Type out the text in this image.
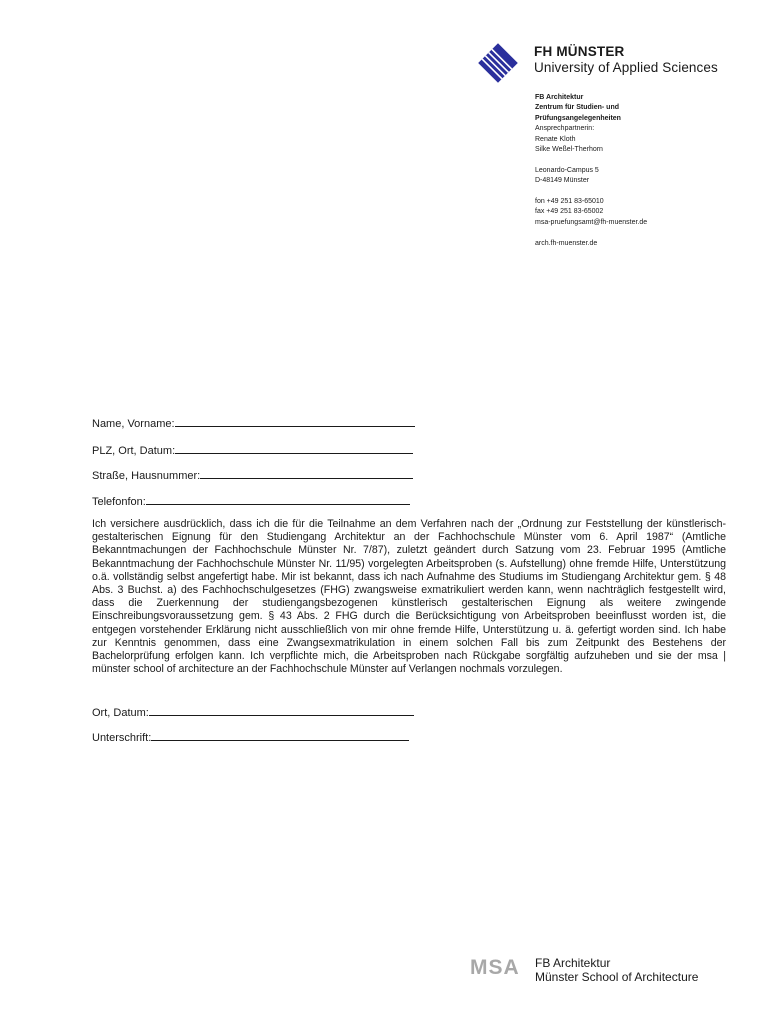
FH MÜNSTER
University of Applied Sciences
FB Architektur
Zentrum für Studien- und
Prüfungsangelegenheiten
Ansprechpartnerin:
Renate Kloth
Silke Weßel-Therhorn
Leonardo-Campus 5
D-48149 Münster
fon +49 251 83-65010
fax +49 251 83-65002
msa-pruefungsamt@fh-muenster.de
arch.fh-muenster.de
Name, Vorname:
PLZ, Ort, Datum:
Straße, Hausnummer:
Telefonfon:
Ich versichere ausdrücklich, dass ich die für die Teilnahme an dem Verfahren nach der „Ordnung zur Feststellung der künstlerisch-gestalterischen Eignung für den Studiengang Architektur an der Fachhochschule Münster vom 6. April 1987“ (Amtliche Bekanntmachungen der Fachhochschule Münster Nr. 7/87), zuletzt geändert durch Satzung vom 23. Februar 1995 (Amtliche Bekanntmachung der Fachhochschule Münster Nr. 11/95) vorgelegten Arbeitsproben (s. Aufstellung) ohne fremde Hilfe, Unterstützung o.ä. vollständig selbst angefertigt habe. Mir ist bekannt, dass ich nach Aufnahme des Studiums im Studiengang Architektur gem. § 48 Abs. 3 Buchst. a) des Fachhochschulgesetzes (FHG) zwangsweise exmatrikuliert werden kann, wenn nachträglich festgestellt wird, dass die Zuerkennung der studiengangsbezogenen künstlerisch gestalterischen Eignung als weitere zwingende Einschreibungsvoraussetzung gem. § 43 Abs. 2 FHG durch die Berücksichtigung von Arbeitsproben beeinflusst worden ist, die entgegen vorstehender Erklärung nicht ausschließlich von mir ohne fremde Hilfe, Unterstützung u. ä. gefertigt worden sind. Ich habe zur Kenntnis genommen, dass eine Zwangsexmatrikulation in einem solchen Fall bis zum Zeitpunkt des Bestehens der Bachelorprüfung erfolgen kann. Ich verpflichte mich, die Arbeitsproben nach Rückgabe sorgfältig aufzuheben und sie der msa | münster school of architecture an der Fachhochschule Münster auf Verlangen nochmals vorzulegen.
Ort, Datum:
Unterschrift:
MSA FB Architektur
Münster School of Architecture
